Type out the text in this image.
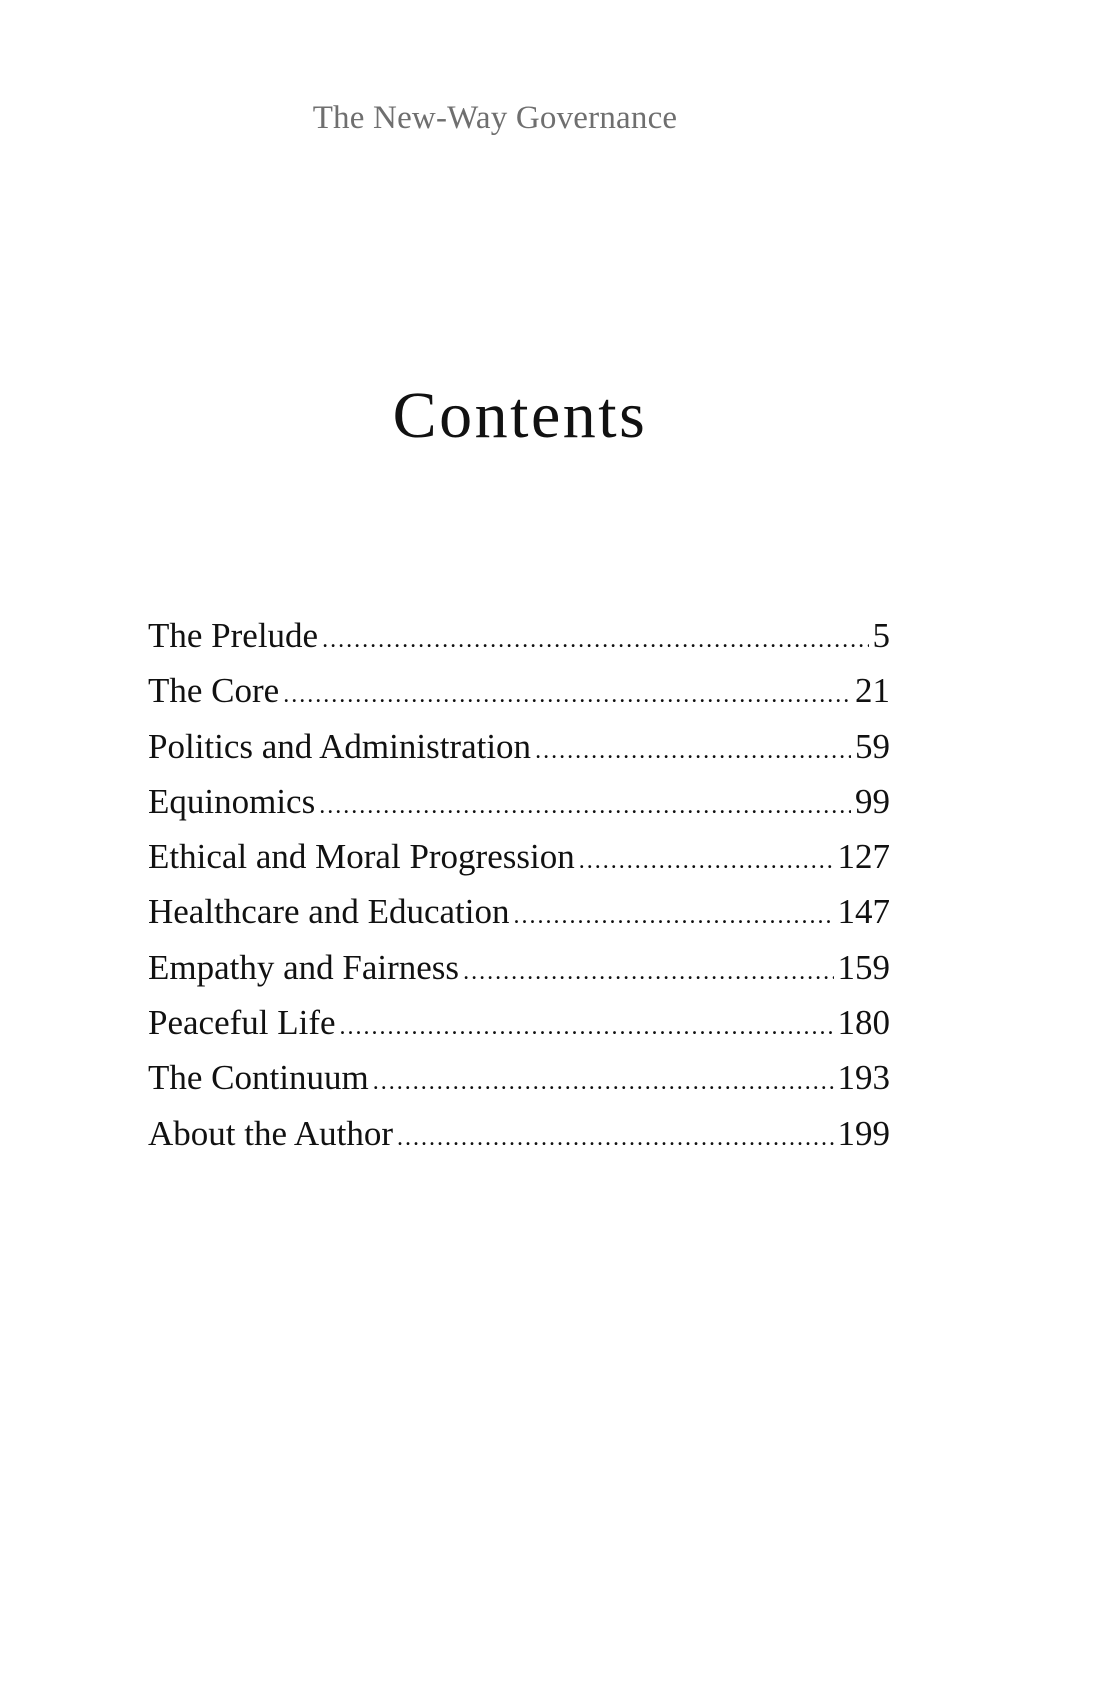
The New-Way Governance
Contents
The Prelude .....	5
The Core .....	21
Politics and Administration .....	59
Equinomics .....	99
Ethical and Moral Progression .....	127
Healthcare and Education .....	147
Empathy and Fairness .....	159
Peaceful Life .....	180
The Continuum .....	193
About the Author .....	199
